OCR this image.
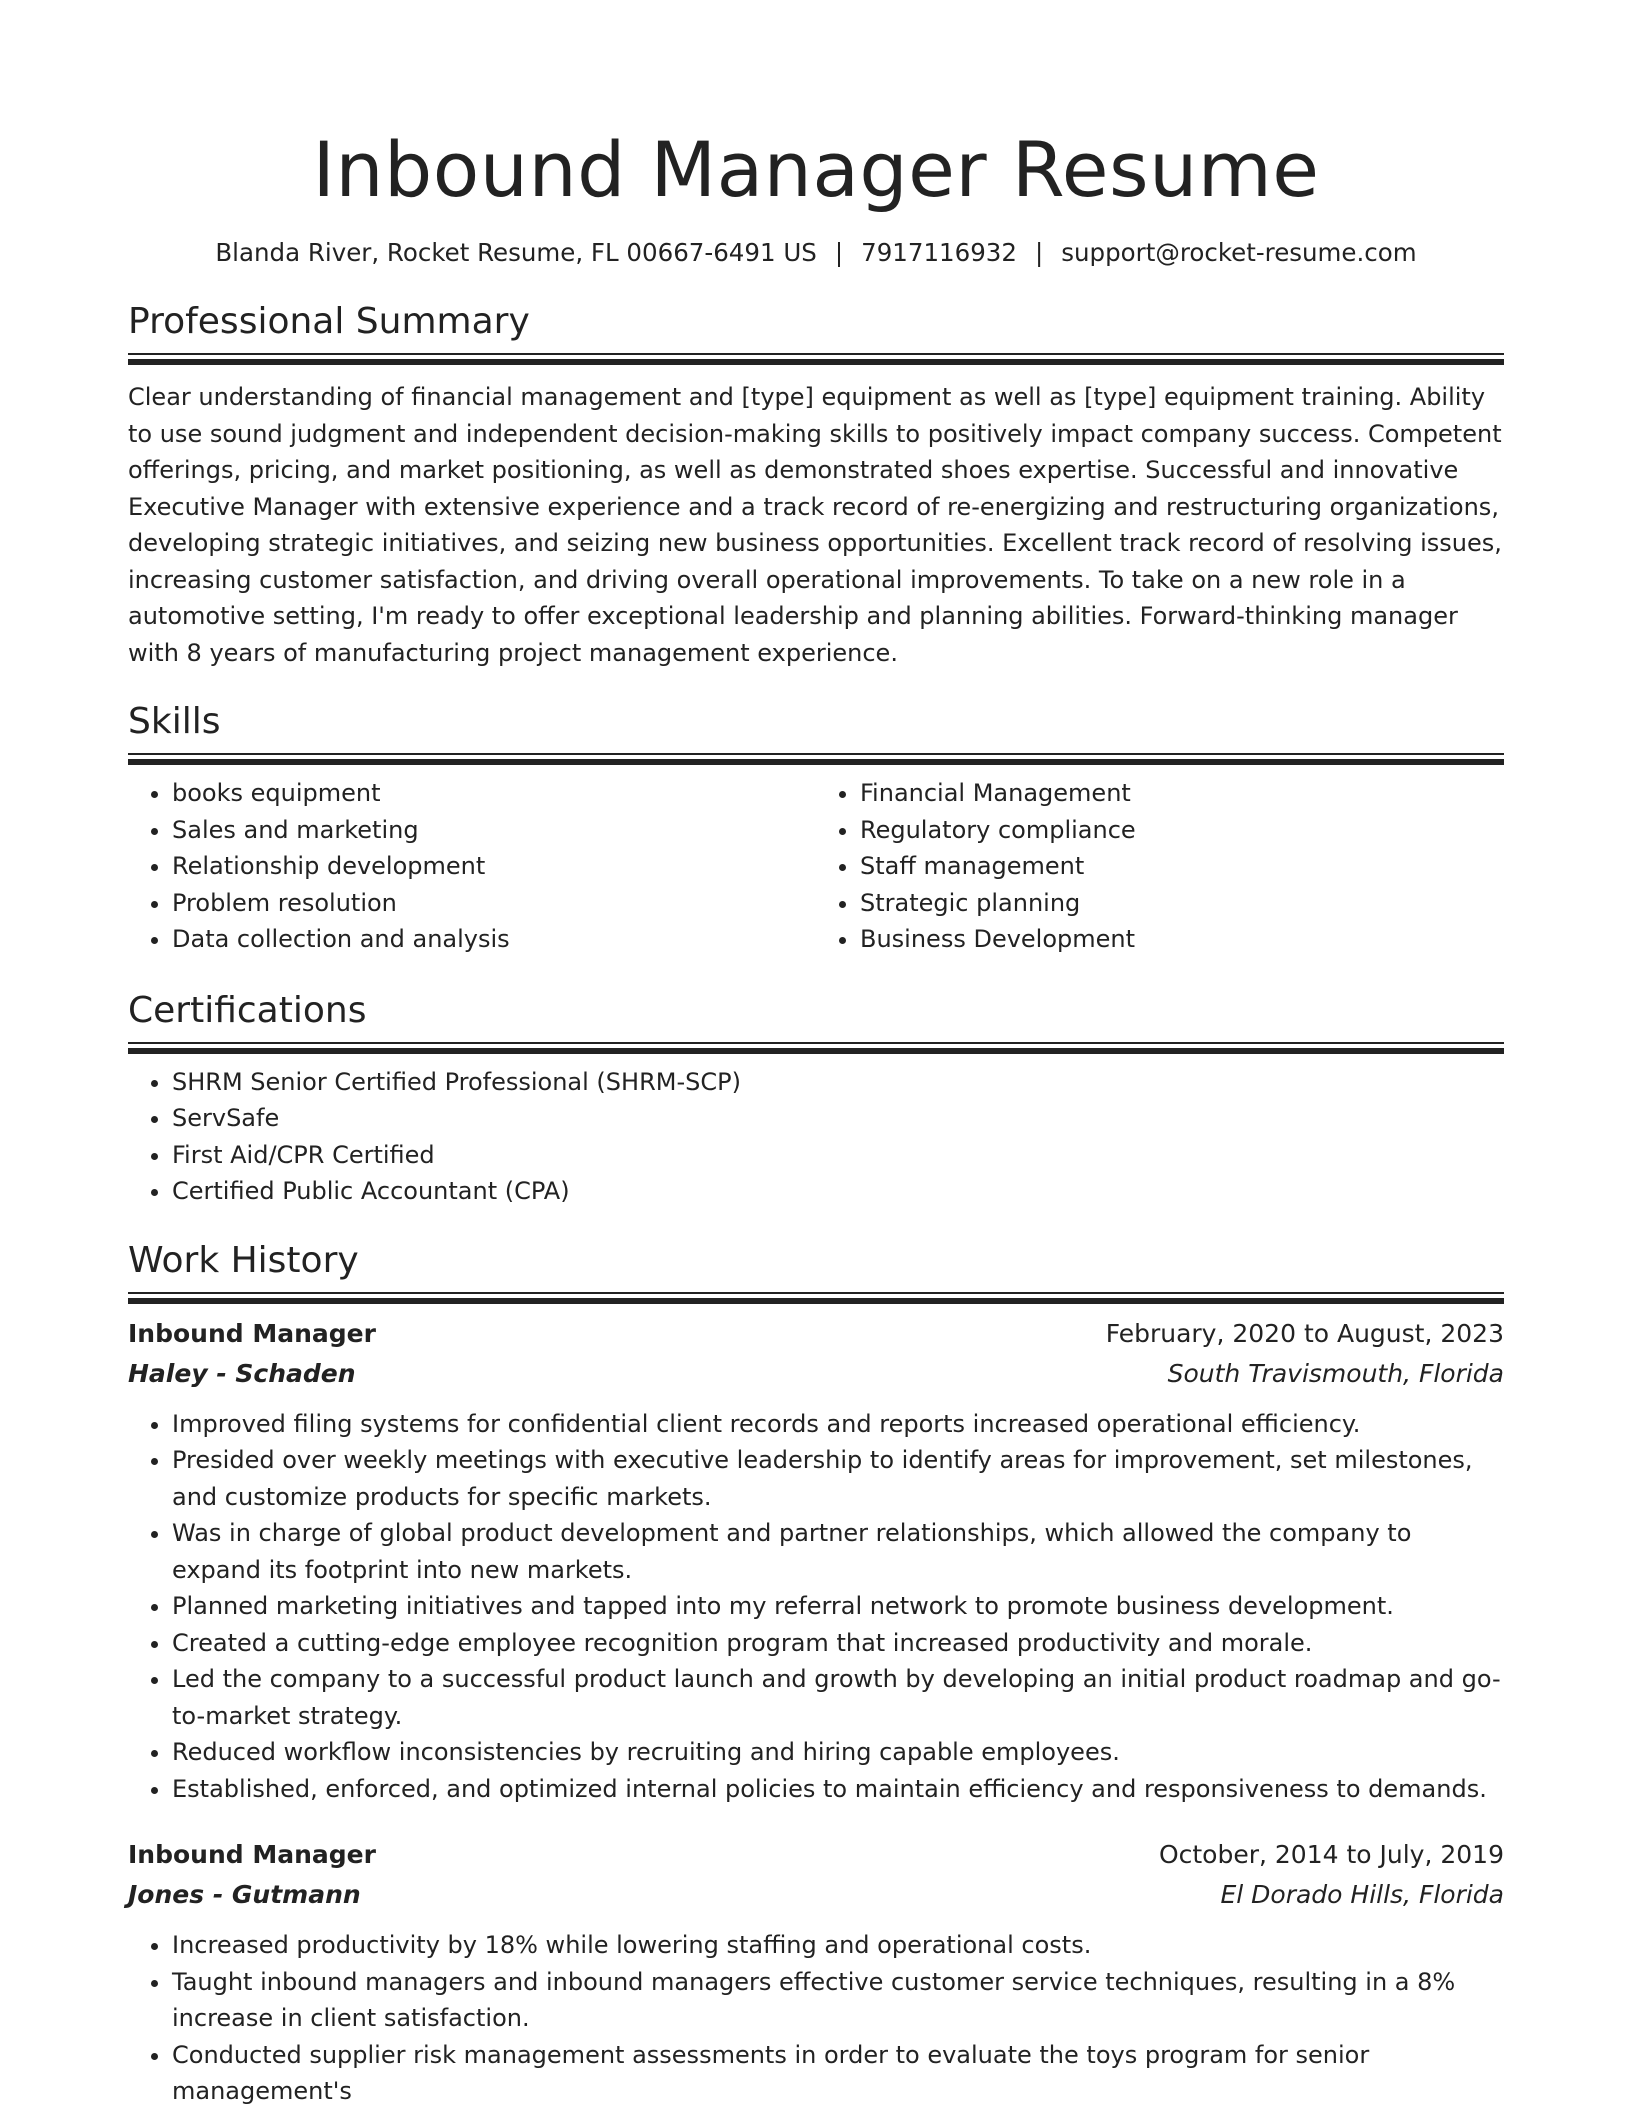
Inbound Manager Resume
Blanda River, Rocket Resume, FL 00667-6491 US | 7917116932 | support@rocket-resume.com
Professional Summary
Clear understanding of financial management and [type] equipment as well as [type] equipment training. Ability to use sound judgment and independent decision-making skills to positively impact company success. Competent offerings, pricing, and market positioning, as well as demonstrated shoes expertise. Successful and innovative Executive Manager with extensive experience and a track record of re-energizing and restructuring organizations, developing strategic initiatives, and seizing new business opportunities. Excellent track record of resolving issues, increasing customer satisfaction, and driving overall operational improvements. To take on a new role in a automotive setting, I'm ready to offer exceptional leadership and planning abilities. Forward-thinking manager with 8 years of manufacturing project management experience.
Skills
• books equipment
• Sales and marketing
• Relationship development
• Problem resolution
• Data collection and analysis
• Financial Management
• Regulatory compliance
• Staff management
• Strategic planning
• Business Development
Certifications
• SHRM Senior Certified Professional (SHRM-SCP)
• ServSafe
• First Aid/CPR Certified
• Certified Public Accountant (CPA)
Work History
Inbound Manager	February, 2020 to August, 2023
Haley - Schaden	South Travismouth, Florida
• Improved filing systems for confidential client records and reports increased operational efficiency.
• Presided over weekly meetings with executive leadership to identify areas for improvement, set milestones, and customize products for specific markets.
• Was in charge of global product development and partner relationships, which allowed the company to expand its footprint into new markets.
• Planned marketing initiatives and tapped into my referral network to promote business development.
• Created a cutting-edge employee recognition program that increased productivity and morale.
• Led the company to a successful product launch and growth by developing an initial product roadmap and go-to-market strategy.
• Reduced workflow inconsistencies by recruiting and hiring capable employees.
• Established, enforced, and optimized internal policies to maintain efficiency and responsiveness to demands.
Inbound Manager	October, 2014 to July, 2019
Jones - Gutmann	El Dorado Hills, Florida
• Increased productivity by 18% while lowering staffing and operational costs.
• Taught inbound managers and inbound managers effective customer service techniques, resulting in a 8% increase in client satisfaction.
• Conducted supplier risk management assessments in order to evaluate the toys program for senior management's
